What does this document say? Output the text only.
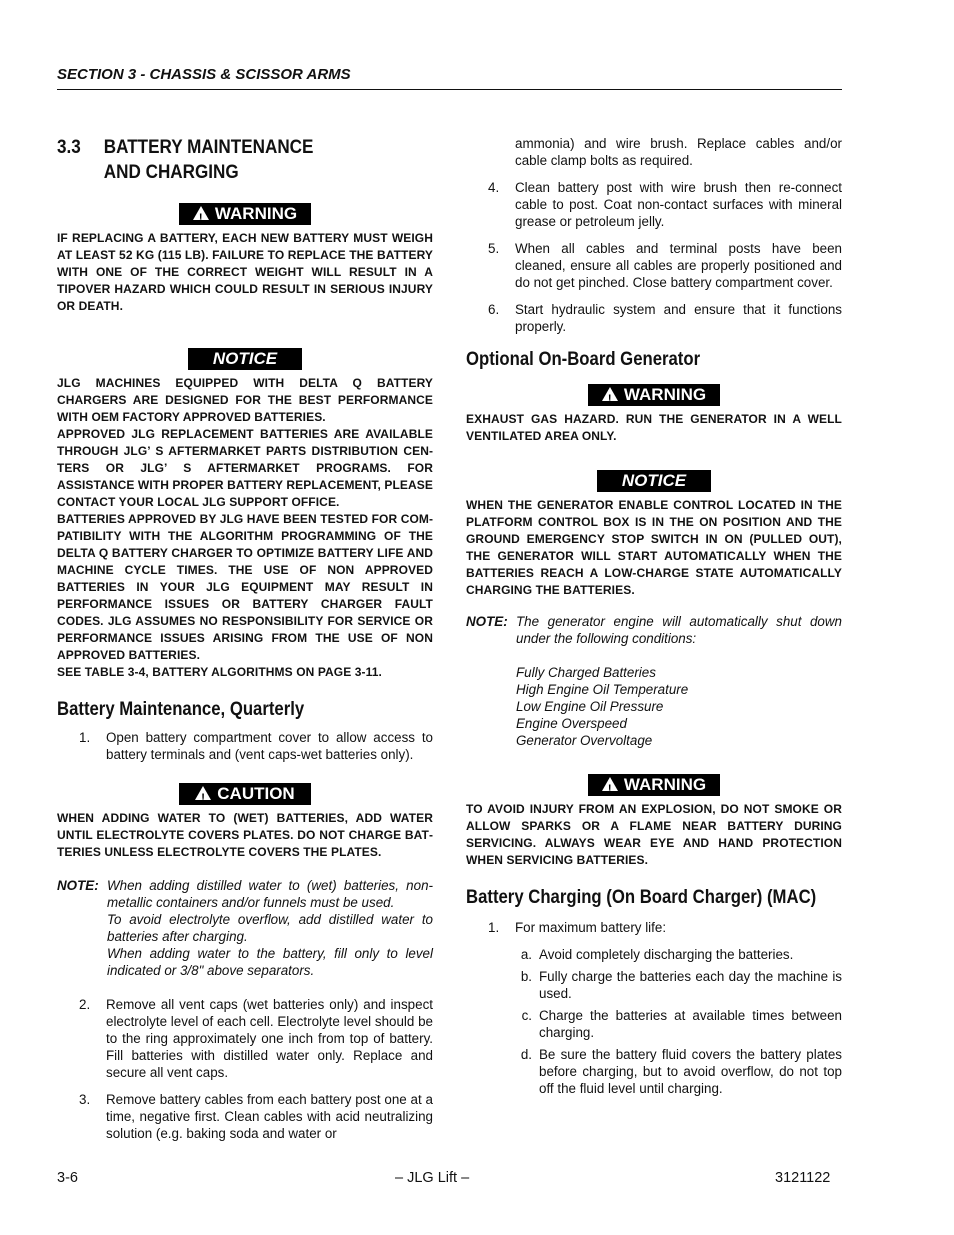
SECTION 3 - CHASSIS & SCISSOR ARMS
3.3 BATTERY MAINTENANCE AND CHARGING
!WARNING
IF REPLACING A BATTERY, EACH NEW BATTERY MUST WEIGH AT LEAST 52 KG (115 LB). FAILURE TO REPLACE THE BATTERY WITH ONE OF THE CORRECT WEIGHT WILL RESULT IN A TIPOVER HAZARD WHICH COULD RESULT IN SERIOUS INJURY OR DEATH.
NOTICE
JLG MACHINES EQUIPPED WITH DELTA Q BATTERY CHARGERS ARE DESIGNED FOR THE BEST PERFORMANCE WITH OEM FACTORY APPROVED BATTERIES.
APPROVED JLG REPLACEMENT BATTERIES ARE AVAILABLE THROUGH JLG’ S AFTERMARKET PARTS DISTRIBUTION CENTERS OR JLG’ S AFTERMARKET PROGRAMS. FOR ASSISTANCE WITH PROPER BATTERY REPLACEMENT, PLEASE CONTACT YOUR LOCAL JLG SUPPORT OFFICE.
BATTERIES APPROVED BY JLG HAVE BEEN TESTED FOR COMPATIBILITY WITH THE ALGORITHM PROGRAMMING OF THE DELTA Q BATTERY CHARGER TO OPTIMIZE BATTERY LIFE AND MACHINE CYCLE TIMES. THE USE OF NON APPROVED BATTERIES IN YOUR JLG EQUIPMENT MAY RESULT IN PERFORMANCE ISSUES OR BATTERY CHARGER FAULT CODES. JLG ASSUMES NO RESPONSIBILITY FOR SERVICE OR PERFORMANCE ISSUES ARISING FROM THE USE OF NON APPROVED BATTERIES.
SEE TABLE 3-4, BATTERY ALGORITHMS ON PAGE 3-11.
Battery Maintenance, Quarterly
1.	Open battery compartment cover to allow access to battery terminals and (vent caps-wet batteries only).
!CAUTION
WHEN ADDING WATER TO (WET) BATTERIES, ADD WATER UNTIL ELECTROLYTE COVERS PLATES. DO NOT CHARGE BATTERIES UNLESS ELECTROLYTE COVERS THE PLATES.
NOTE: When adding distilled water to (wet) batteries, non-metallic containers and/or funnels must be used.
To avoid electrolyte overflow, add distilled water to batteries after charging.
When adding water to the battery, fill only to level indicated or 3/8" above separators.
2.	Remove all vent caps (wet batteries only) and inspect electrolyte level of each cell. Electrolyte level should be to the ring approximately one inch from top of battery. Fill batteries with distilled water only. Replace and secure all vent caps.
3.	Remove battery cables from each battery post one at a time, negative first. Clean cables with acid neutralizing solution (e.g. baking soda and water or
ammonia) and wire brush. Replace cables and/or cable clamp bolts as required.
4.	Clean battery post with wire brush then re-connect cable to post. Coat non-contact surfaces with mineral grease or petroleum jelly.
5.	When all cables and terminal posts have been cleaned, ensure all cables are properly positioned and do not get pinched. Close battery compartment cover.
6.	Start hydraulic system and ensure that it functions properly.
Optional On-Board Generator
!WARNING
EXHAUST GAS HAZARD. RUN THE GENERATOR IN A WELL VENTILATED AREA ONLY.
NOTICE
WHEN THE GENERATOR ENABLE CONTROL LOCATED IN THE PLATFORM CONTROL BOX IS IN THE ON POSITION AND THE GROUND EMERGENCY STOP SWITCH IN ON (PULLED OUT), THE GENERATOR WILL START AUTOMATICALLY WHEN THE BATTERIES REACH A LOW-CHARGE STATE AUTOMATICALLY CHARGING THE BATTERIES.
NOTE: The generator engine will automatically shut down under the following conditions:
Fully Charged Batteries
High Engine Oil Temperature
Low Engine Oil Pressure
Engine Overspeed
Generator Overvoltage
!WARNING
TO AVOID INJURY FROM AN EXPLOSION, DO NOT SMOKE OR ALLOW SPARKS OR A FLAME NEAR BATTERY DURING SERVICING. ALWAYS WEAR EYE AND HAND PROTECTION WHEN SERVICING BATTERIES.
Battery Charging (On Board Charger) (MAC)
1.	For maximum battery life:
a. Avoid completely discharging the batteries.
b. Fully charge the batteries each day the machine is used.
c. Charge the batteries at available times between charging.
d. Be sure the battery fluid covers the battery plates before charging, but to avoid overflow, do not top off the fluid level until charging.
3-6	– JLG Lift –	3121122
